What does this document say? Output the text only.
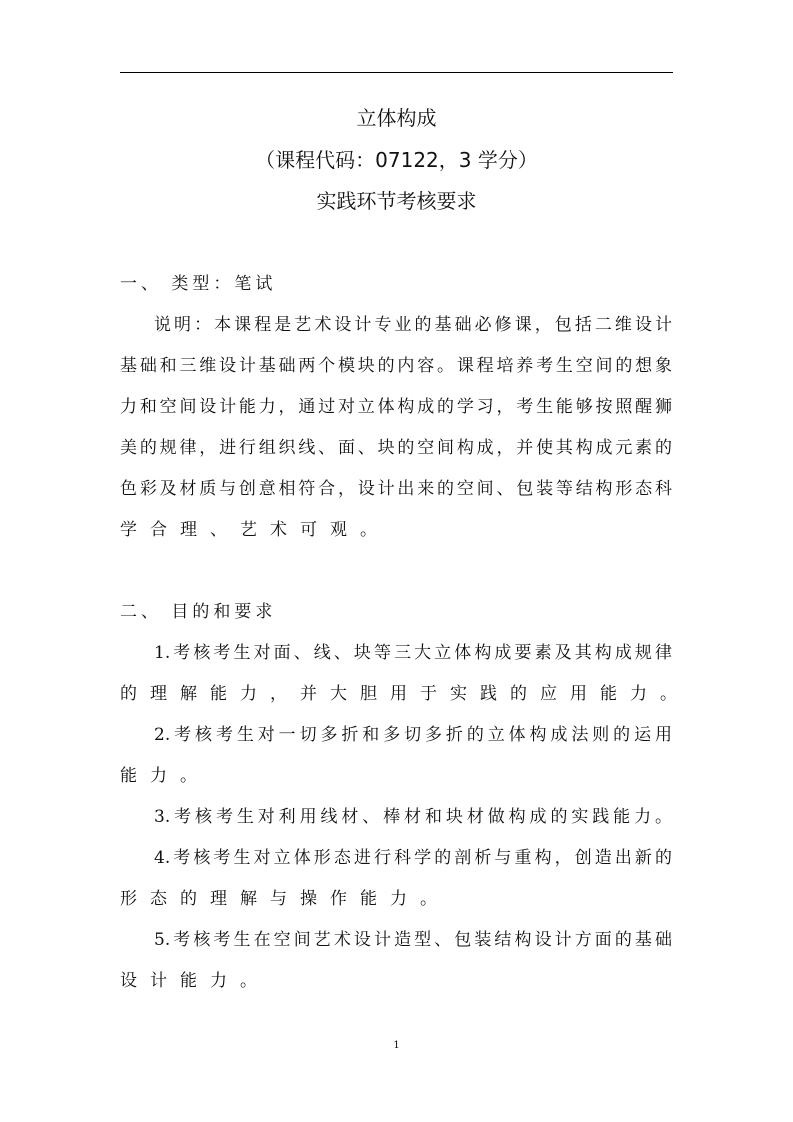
立体构成
（课程代码：07122，3 学分）
实践环节考核要求
一、 类型：笔试
说明：本课程是艺术设计专业的基础必修课，包括二维设计
基础和三维设计基础两个模块的内容。课程培养考生空间的想象
力和空间设计能力，通过对立体构成的学习，考生能够按照醒狮
美的规律，进行组织线、面、块的空间构成，并使其构成元素的
色彩及材质与创意相符合，设计出来的空间、包装等结构形态科
学合理、艺术可观。
二、 目的和要求
1.考核考生对面、线、块等三大立体构成要素及其构成规律
的理解能力，并大胆用于实践的应用能力。
2.考核考生对一切多折和多切多折的立体构成法则的运用
能力。
3.考核考生对利用线材、棒材和块材做构成的实践能力。
4.考核考生对立体形态进行科学的剖析与重构，创造出新的
形态的理解与操作能力。
5.考核考生在空间艺术设计造型、包装结构设计方面的基础
设计能力。
1
